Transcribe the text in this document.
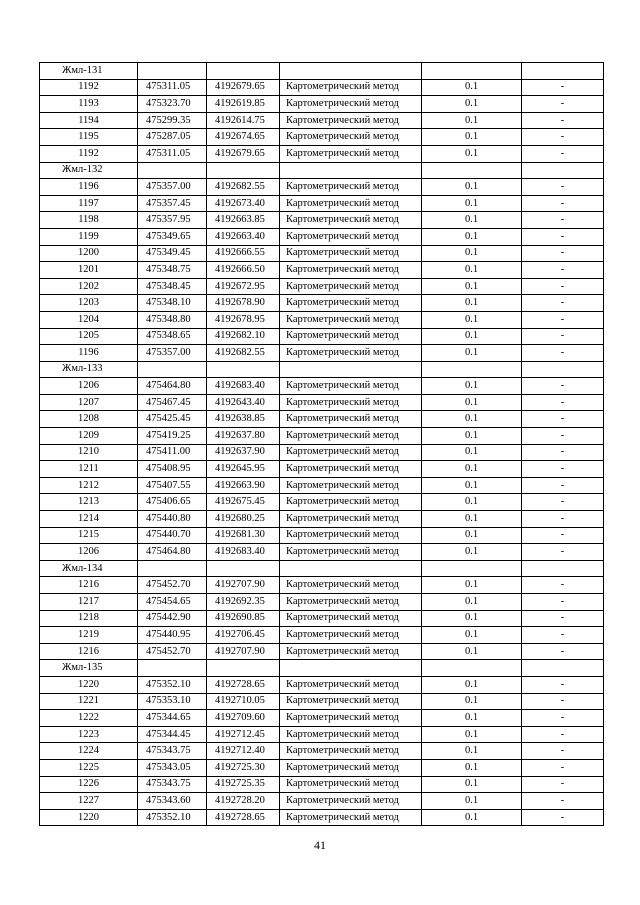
Жмл-131					
1192	475311.05	4192679.65	Картометрический метод	0.1	-
1193	475323.70	4192619.85	Картометрический метод	0.1	-
1194	475299.35	4192614.75	Картометрический метод	0.1	-
1195	475287.05	4192674.65	Картометрический метод	0.1	-
1192	475311.05	4192679.65	Картометрический метод	0.1	-
Жмл-132					
1196	475357.00	4192682.55	Картометрический метод	0.1	-
1197	475357.45	4192673.40	Картометрический метод	0.1	-
1198	475357.95	4192663.85	Картометрический метод	0.1	-
1199	475349.65	4192663.40	Картометрический метод	0.1	-
1200	475349.45	4192666.55	Картометрический метод	0.1	-
1201	475348.75	4192666.50	Картометрический метод	0.1	-
1202	475348.45	4192672.95	Картометрический метод	0.1	-
1203	475348.10	4192678.90	Картометрический метод	0.1	-
1204	475348.80	4192678.95	Картометрический метод	0.1	-
1205	475348.65	4192682.10	Картометрический метод	0.1	-
1196	475357.00	4192682.55	Картометрический метод	0.1	-
Жмл-133					
1206	475464.80	4192683.40	Картометрический метод	0.1	-
1207	475467.45	4192643.40	Картометрический метод	0.1	-
1208	475425.45	4192638.85	Картометрический метод	0.1	-
1209	475419.25	4192637.80	Картометрический метод	0.1	-
1210	475411.00	4192637.90	Картометрический метод	0.1	-
1211	475408.95	4192645.95	Картометрический метод	0.1	-
1212	475407.55	4192663.90	Картометрический метод	0.1	-
1213	475406.65	4192675.45	Картометрический метод	0.1	-
1214	475440.80	4192680.25	Картометрический метод	0.1	-
1215	475440.70	4192681.30	Картометрический метод	0.1	-
1206	475464.80	4192683.40	Картометрический метод	0.1	-
Жмл-134					
1216	475452.70	4192707.90	Картометрический метод	0.1	-
1217	475454.65	4192692.35	Картометрический метод	0.1	-
1218	475442.90	4192690.85	Картометрический метод	0.1	-
1219	475440.95	4192706.45	Картометрический метод	0.1	-
1216	475452.70	4192707.90	Картометрический метод	0.1	-
Жмл-135					
1220	475352.10	4192728.65	Картометрический метод	0.1	-
1221	475353.10	4192710.05	Картометрический метод	0.1	-
1222	475344.65	4192709.60	Картометрический метод	0.1	-
1223	475344.45	4192712.45	Картометрический метод	0.1	-
1224	475343.75	4192712.40	Картометрический метод	0.1	-
1225	475343.05	4192725.30	Картометрический метод	0.1	-
1226	475343.75	4192725.35	Картометрический метод	0.1	-
1227	475343.60	4192728.20	Картометрический метод	0.1	-
1220	475352.10	4192728.65	Картометрический метод	0.1	-
41
